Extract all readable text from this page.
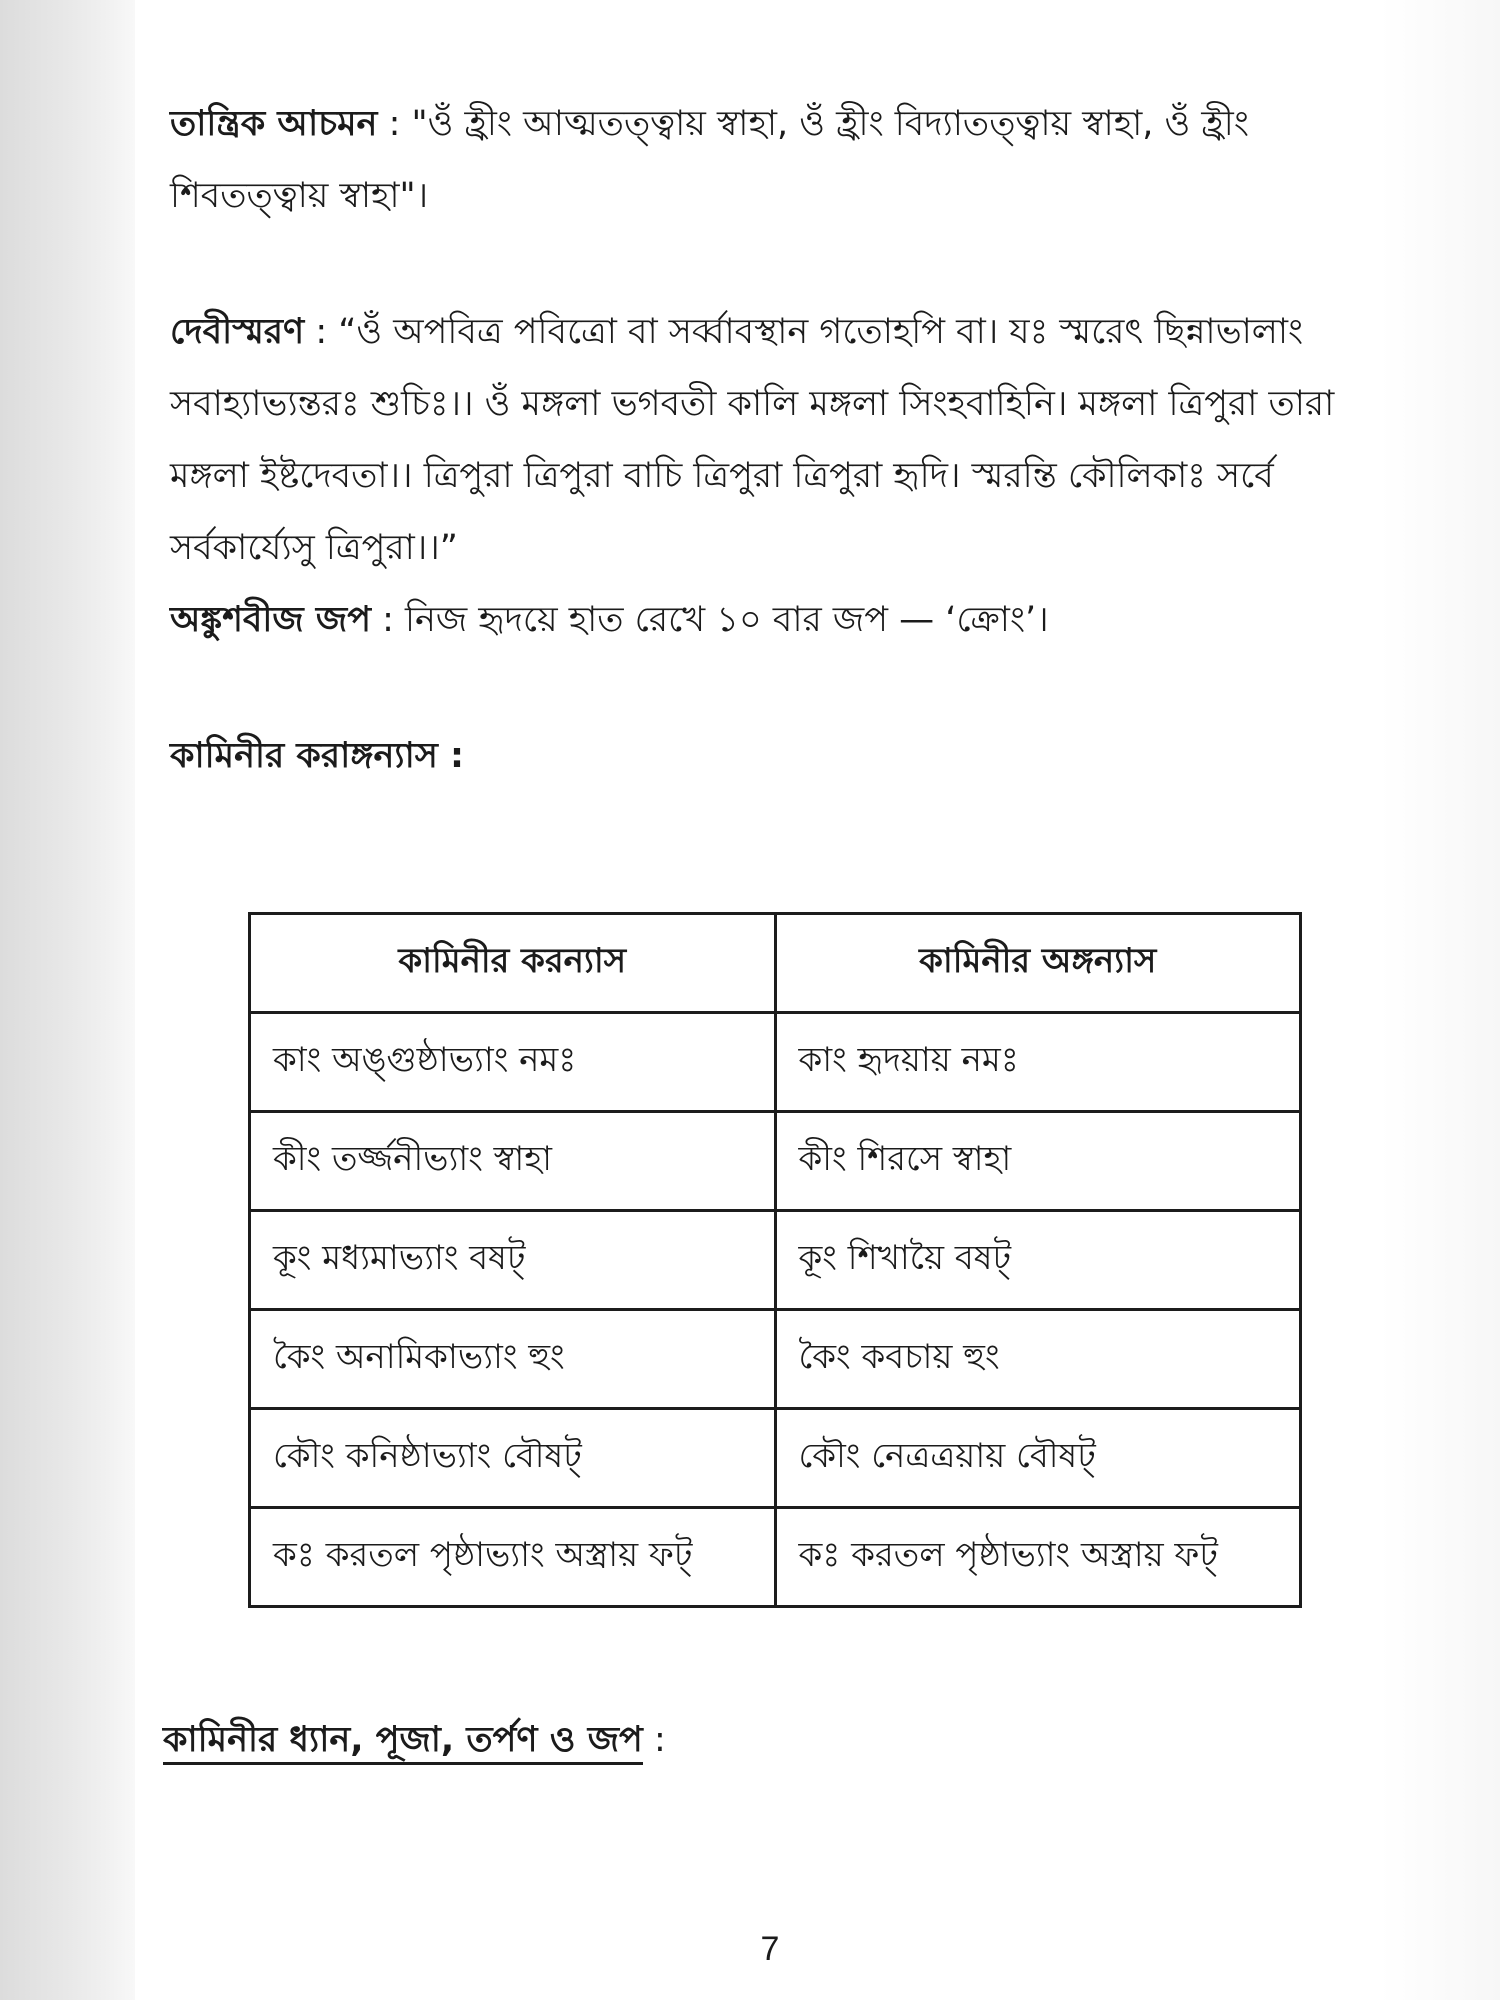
তান্ত্রিক আচমন : "ওঁ হ্রীং আত্মতত্ত্বায় স্বাহা, ওঁ হ্রীং বিদ্যাতত্ত্বায় স্বাহা, ওঁ হ্রীং শিবতত্ত্বায় স্বাহা"।

দেবীস্মরণ : “ওঁ অপবিত্র পবিত্রো বা সর্ব্বাবস্থান গতোহপি বা। যঃ স্মরেৎ ছিন্নাভালাং সবাহ্যাভ্যন্তরঃ শুচিঃ।। ওঁ মঙ্গলা ভগবতী কালি মঙ্গলা সিংহবাহিনি। মঙ্গলা ত্রিপুরা তারা মঙ্গলা ইষ্টদেবতা।। ত্রিপুরা ত্রিপুরা বাচি ত্রিপুরা ত্রিপুরা হৃদি। স্মরন্তি কৌলিকাঃ সর্বে সর্বকার্য্যেসু ত্রিপুরা।।”

অঙ্কুশবীজ জপ : নিজ হৃদয়ে হাত রেখে ১০ বার জপ — ‘ক্রোং’।

কামিনীর করাঙ্গন্যাস :

কামিনীর করন্যাস	কামিনীর অঙ্গন্যাস
কাং অঙ্গুষ্ঠাভ্যাং নমঃ	কাং হৃদয়ায় নমঃ
কীং তর্জ্জনীভ্যাং স্বাহা	কীং শিরসে স্বাহা
কূং মধ্যমাভ্যাং বষট্	কূং শিখায়ৈ বষট্
কৈং অনামিকাভ্যাং হুং	কৈং কবচায় হুং
কৌং কনিষ্ঠাভ্যাং বৌষট্	কৌং নেত্রত্রয়ায় বৌষট্
কঃ করতল পৃষ্ঠাভ্যাং অস্ত্রায় ফট্	কঃ করতল পৃষ্ঠাভ্যাং অস্ত্রায় ফট্
কামিনীর ধ্যান, পূজা, তর্পণ ও জপ :
7
